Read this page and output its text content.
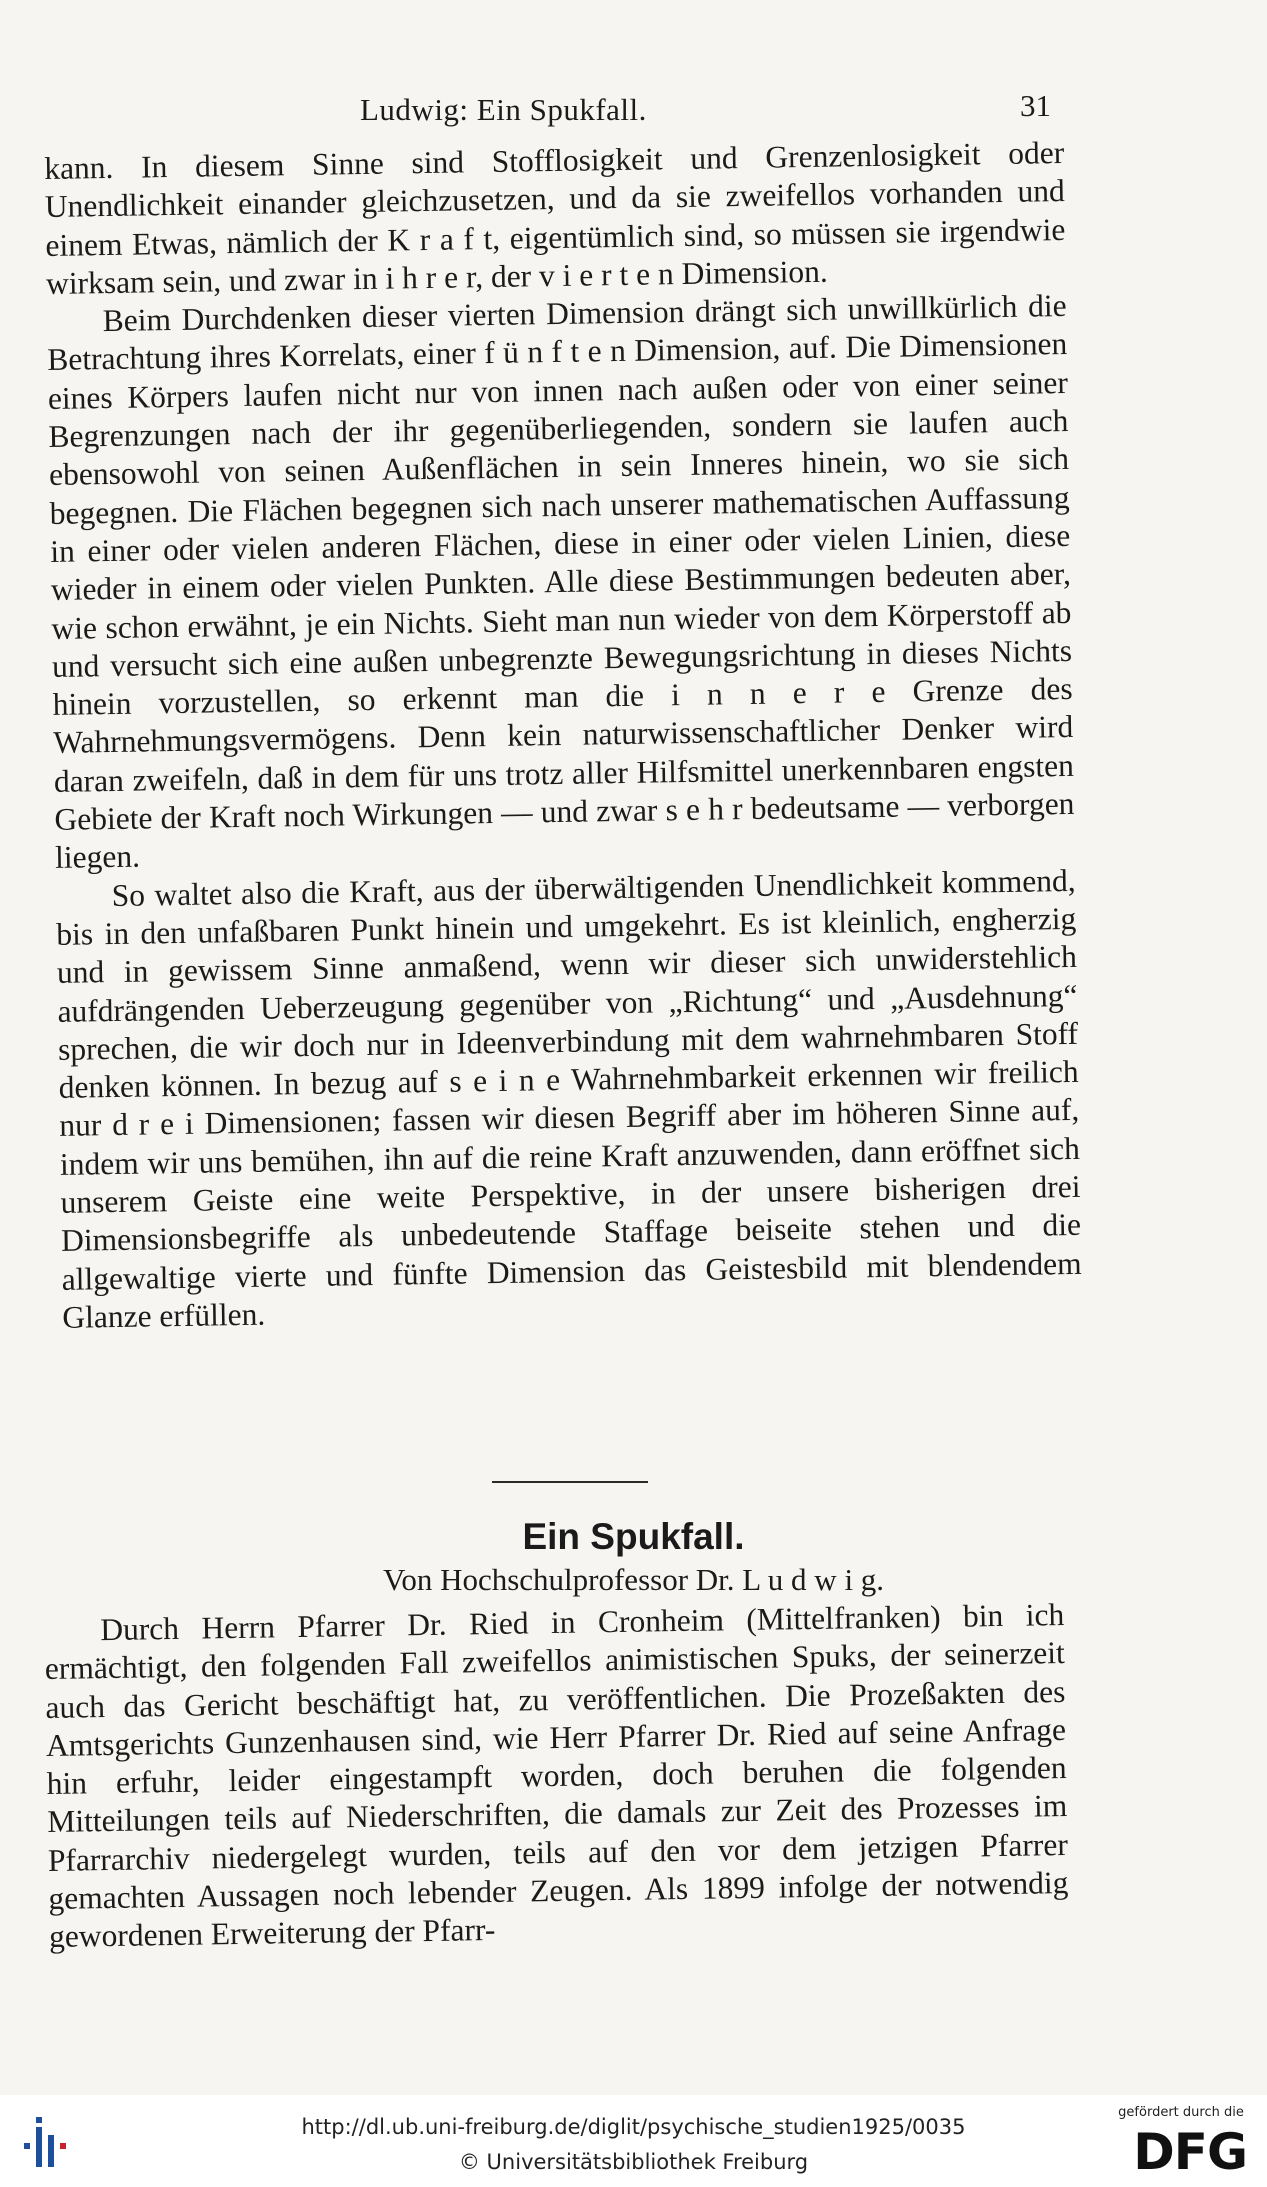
Ludwig: Ein Spukfall.	31

kann. In diesem Sinne sind Stofflosigkeit und Grenzenlosigkeit oder Unendlichkeit einander gleichzusetzen, und da sie zweifellos vorhanden und einem Etwas, nämlich der K r a f t, eigentümlich sind, so müssen sie irgendwie wirksam sein, und zwar in i h r e r, der v i e r t e n Dimension.

Beim Durchdenken dieser vierten Dimension drängt sich unwillkürlich die Betrachtung ihres Korrelats, einer f ü n f t e n Dimension, auf. Die Dimensionen eines Körpers laufen nicht nur von innen nach außen oder von einer seiner Begrenzungen nach der ihr gegenüberliegenden, sondern sie laufen auch ebensowohl von seinen Außenflächen in sein Inneres hinein, wo sie sich begegnen. Die Flächen begegnen sich nach unserer mathematischen Auffassung in einer oder vielen anderen Flächen, diese in einer oder vielen Linien, diese wieder in einem oder vielen Punkten. Alle diese Bestimmungen bedeuten aber, wie schon erwähnt, je ein Nichts. Sieht man nun wieder von dem Körperstoff ab und versucht sich eine außen unbegrenzte Bewegungsrichtung in dieses Nichts hinein vorzustellen, so erkennt man die i n n e r e Grenze des Wahrnehmungsvermögens. Denn kein naturwissenschaftlicher Denker wird daran zweifeln, daß in dem für uns trotz aller Hilfsmittel unerkennbaren engsten Gebiete der Kraft noch Wirkungen — und zwar s e h r bedeutsame — verborgen liegen.

So waltet also die Kraft, aus der überwältigenden Unendlichkeit kommend, bis in den unfaßbaren Punkt hinein und umgekehrt. Es ist kleinlich, engherzig und in gewissem Sinne anmaßend, wenn wir dieser sich unwiderstehlich aufdrängenden Ueberzeugung gegenüber von „Richtung“ und „Ausdehnung“ sprechen, die wir doch nur in Ideenverbindung mit dem wahrnehmbaren Stoff denken können. In bezug auf s e i n e Wahrnehmbarkeit erkennen wir freilich nur d r e i Dimensionen; fassen wir diesen Begriff aber im höheren Sinne auf, indem wir uns bemühen, ihn auf die reine Kraft anzuwenden, dann eröffnet sich unserem Geiste eine weite Perspektive, in der unsere bisherigen drei Dimensionsbegriffe als unbedeutende Staffage beiseite stehen und die allgewaltige vierte und fünfte Dimension das Geistesbild mit blendendem Glanze erfüllen.

Ein Spukfall.
Von Hochschulprofessor Dr. L u d w i g.

Durch Herrn Pfarrer Dr. Ried in Cronheim (Mittelfranken) bin ich ermächtigt, den folgenden Fall zweifellos animistischen Spuks, der seinerzeit auch das Gericht beschäftigt hat, zu veröffentlichen. Die Prozeßakten des Amtsgerichts Gunzenhausen sind, wie Herr Pfarrer Dr. Ried auf seine Anfrage hin erfuhr, leider eingestampft worden, doch beruhen die folgenden Mitteilungen teils auf Niederschriften, die damals zur Zeit des Prozesses im Pfarrarchiv niedergelegt wurden, teils auf den vor dem jetzigen Pfarrer gemachten Aussagen noch lebender Zeugen. Als 1899 infolge der notwendig gewordenen Erweiterung der Pfarr-

http://dl.ub.uni-freiburg.de/diglit/psychische_studien1925/0035
© Universitätsbibliothek Freiburg
gefördert durch die
DFG
